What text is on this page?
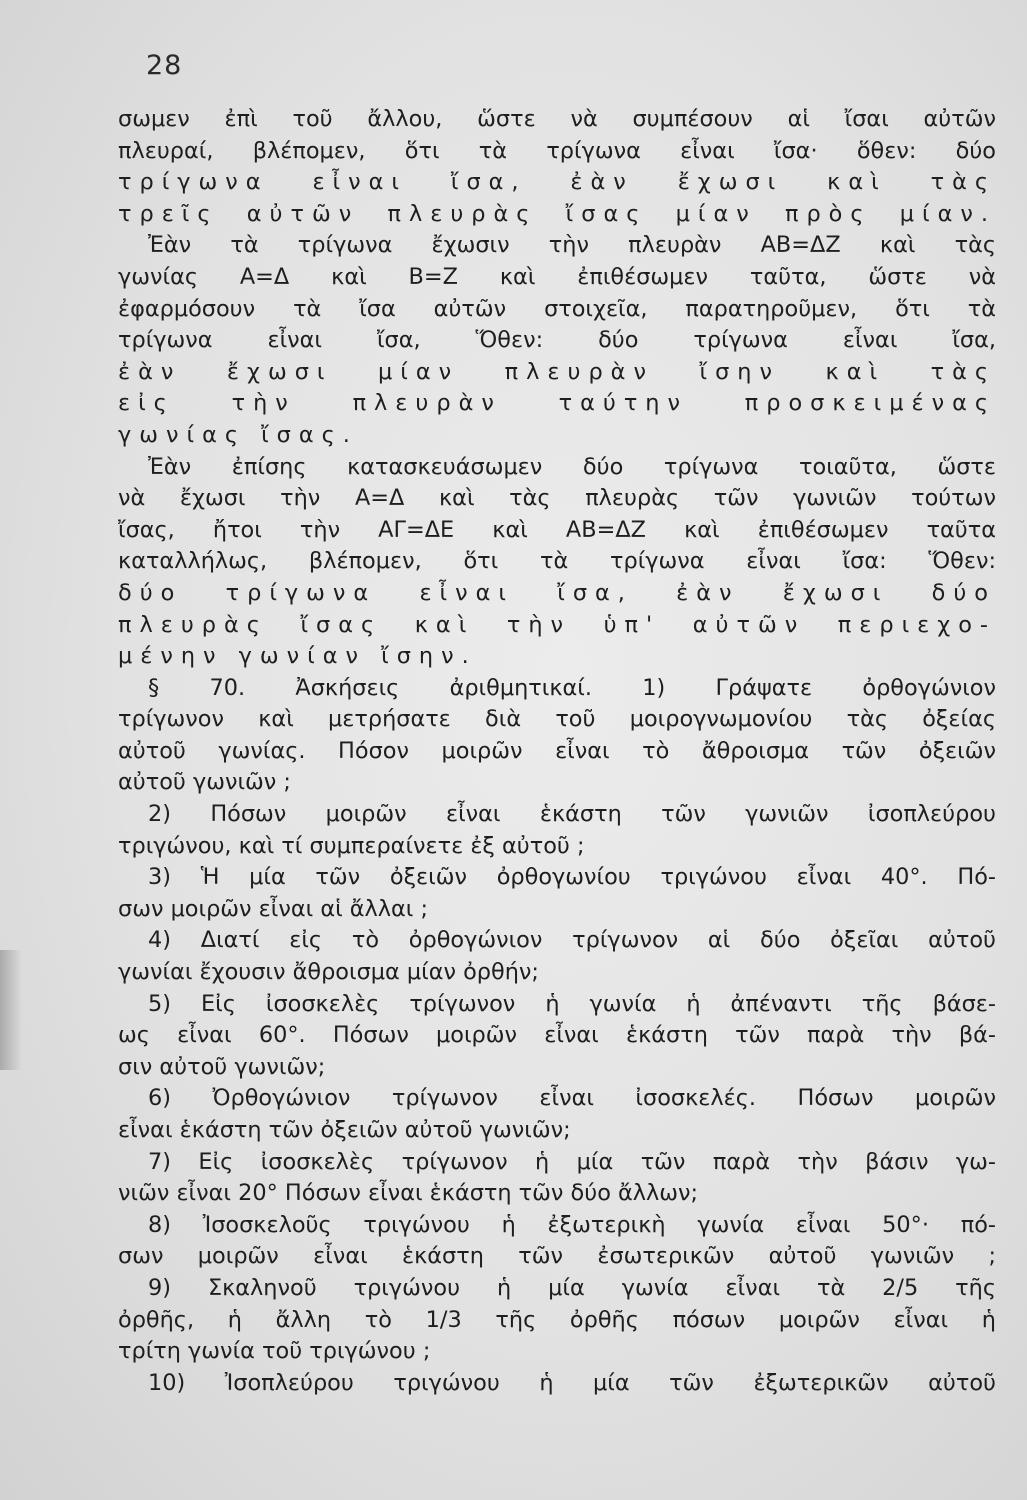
28
σωμεν ἐπὶ τοῦ ἄλλου, ὥστε νὰ συμπέσουν αἱ ἴσαι αὐτῶν
πλευραί, βλέπομεν, ὅτι τὰ τρίγωνα εἶναι ἴσα· ὅθεν: δύο
τρίγωνα εἶναι ἴσα, ἐὰν ἔχωσι καὶ τὰς
τρεῖς αὐτῶν πλευρὰς ἴσας μίαν πρὸς μίαν.
Ἐὰν τὰ τρίγωνα ἔχωσιν τὴν πλευρὰν ΑΒ=ΔΖ καὶ τὰς
γωνίας Α=Δ καὶ Β=Ζ καὶ ἐπιθέσωμεν ταῦτα, ὥστε νὰ
ἐφαρμόσουν τὰ ἴσα αὐτῶν στοιχεῖα, παρατηροῦμεν, ὅτι τὰ
τρίγωνα εἶναι ἴσα, Ὅθεν: δύο τρίγωνα εἶναι ἴσα,
ἐὰν ἔχωσι μίαν πλευρὰν ἴσην καὶ τὰς
εἰς τὴν πλευρὰν ταύτην προσκειμένας
γωνίας ἴσας.
Ἐὰν ἐπίσης κατασκευάσωμεν δύο τρίγωνα τοιαῦτα, ὥστε
νὰ ἔχωσι τὴν Α=Δ καὶ τὰς πλευρὰς τῶν γωνιῶν τούτων
ἴσας, ἤτοι τὴν ΑΓ=ΔΕ καὶ ΑΒ=ΔΖ καὶ ἐπιθέσωμεν ταῦτα
καταλλήλως, βλέπομεν, ὅτι τὰ τρίγωνα εἶναι ἴσα: Ὅθεν:
δύο τρίγωνα εἶναι ἴσα, ἐὰν ἔχωσι δύο
πλευρὰς ἴσας καὶ τὴν ὑπ' αὐτῶν περιεχο-
μένην γωνίαν ἴσην.
§ 70. Ἀσκήσεις ἀριθμητικαί. 1) Γράψατε ὀρθογώνιον
τρίγωνον καὶ μετρήσατε διὰ τοῦ μοιρογνωμονίου τὰς ὀξείας
αὐτοῦ γωνίας. Πόσον μοιρῶν εἶναι τὸ ἄθροισμα τῶν ὀξειῶν
αὐτοῦ γωνιῶν ;
2) Πόσων μοιρῶν εἶναι ἑκάστη τῶν γωνιῶν ἰσοπλεύρου
τριγώνου, καὶ τί συμπεραίνετε ἐξ αὐτοῦ ;
3) Ἡ μία τῶν ὀξειῶν ὀρθογωνίου τριγώνου εἶναι 40°. Πό-
σων μοιρῶν εἶναι αἱ ἄλλαι ;
4) Διατί εἰς τὸ ὀρθογώνιον τρίγωνον αἱ δύο ὀξεῖαι αὐτοῦ
γωνίαι ἔχουσιν ἄθροισμα μίαν ὀρθήν;
5) Εἰς ἰσοσκελὲς τρίγωνον ἡ γωνία ἡ ἀπέναντι τῆς βάσε-
ως εἶναι 60°. Πόσων μοιρῶν εἶναι ἑκάστη τῶν παρὰ τὴν βά-
σιν αὐτοῦ γωνιῶν;
6) Ὀρθογώνιον τρίγωνον εἶναι ἰσοσκελές. Πόσων μοιρῶν
εἶναι ἑκάστη τῶν ὀξειῶν αὐτοῦ γωνιῶν;
7) Εἰς ἰσοσκελὲς τρίγωνον ἡ μία τῶν παρὰ τὴν βάσιν γω-
νιῶν εἶναι 20° Πόσων εἶναι ἑκάστη τῶν δύο ἄλλων;
8) Ἰσοσκελοῦς τριγώνου ἡ ἐξωτερικὴ γωνία εἶναι 50°· πό-
σων μοιρῶν εἶναι ἑκάστη τῶν ἐσωτερικῶν αὐτοῦ γωνιῶν ;
9) Σκαληνοῦ τριγώνου ἡ μία γωνία εἶναι τὰ 2/5 τῆς
ὀρθῆς, ἡ ἄλλη τὸ 1/3 τῆς ὀρθῆς πόσων μοιρῶν εἶναι ἡ
τρίτη γωνία τοῦ τριγώνου ;
10) Ἰσοπλεύρου τριγώνου ἡ μία τῶν ἐξωτερικῶν αὐτοῦ
